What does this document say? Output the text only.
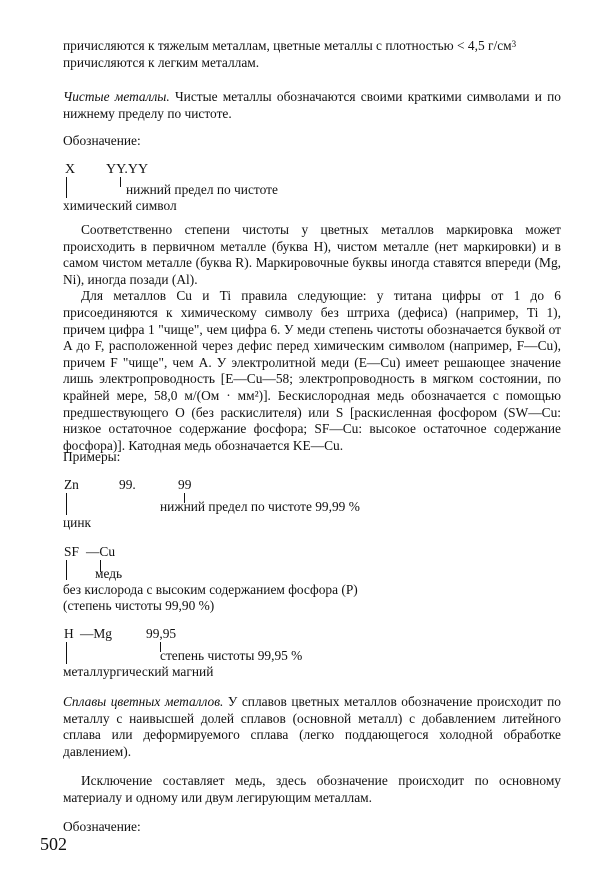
причисляются к тяжелым металлам, цветные металлы с плотностью < 4,5 $г/см^3$

причисляются к легким металлам.

Чистые металлы. Чистые металлы обозначаются своими краткими символами и по нижнему пределу по чистоте.

Обозначение:
X YY.YY
нижний предел по чистоте
химический символ

Соответственно степени чистоты у цветных металлов маркировка может происходить в первичном металле (буква H), чистом металле (нет маркировки) и в самом чистом металле (буква R). Маркировочные буквы иногда ставятся впереди (Mg, Ni), иногда позади (Al).

Для металлов Cu и Ti правила следующие: у титана цифры от 1 до 6 присоединяются к химическому символу без штриха (дефиса) (например, Ti 1), причем цифра 1 "чище", чем цифра 6. У меди степень чистоты обозначается буквой от A до F, расположенной через дефис перед химическим символом (например, F—Cu), причем F "чище", чем A. У электролитной меди (E—Cu) имеет решающее значение лишь электропроводность [E—Cu—58; электропроводность в мягком состоянии, по крайней мере, 58,0 м/(Ом · мм²)]. Бескислородная медь обозначается с помощью предшествующего O (без раскислителя) или S [раскисленная фосфором (SW—Cu: низкое остаточное содержание фосфора; SF—Cu: высокое остаточное содержание фосфора)]. Катодная медь обозначается KE—Cu.

Примеры:
Zn	99.	99
нижний предел по чистоте 99,99 %
цинк
SF —Cu
медь
без кислорода с высоким содержанием фосфора (P)
(степень чистоты 99,90 %)
H —Mg	99,95
степень чистоты 99,95 %
металлургический магний

Сплавы цветных металлов. У сплавов цветных металлов обозначение происходит по металлу с наивысшей долей сплавов (основной металл) с добавлением литейного сплава или деформируемого сплава (легко поддающегося холодной обработке давлением).

Исключение составляет медь, здесь обозначение происходит по основному материалу и одному или двум легирующим металлам.

Обозначение:
502
